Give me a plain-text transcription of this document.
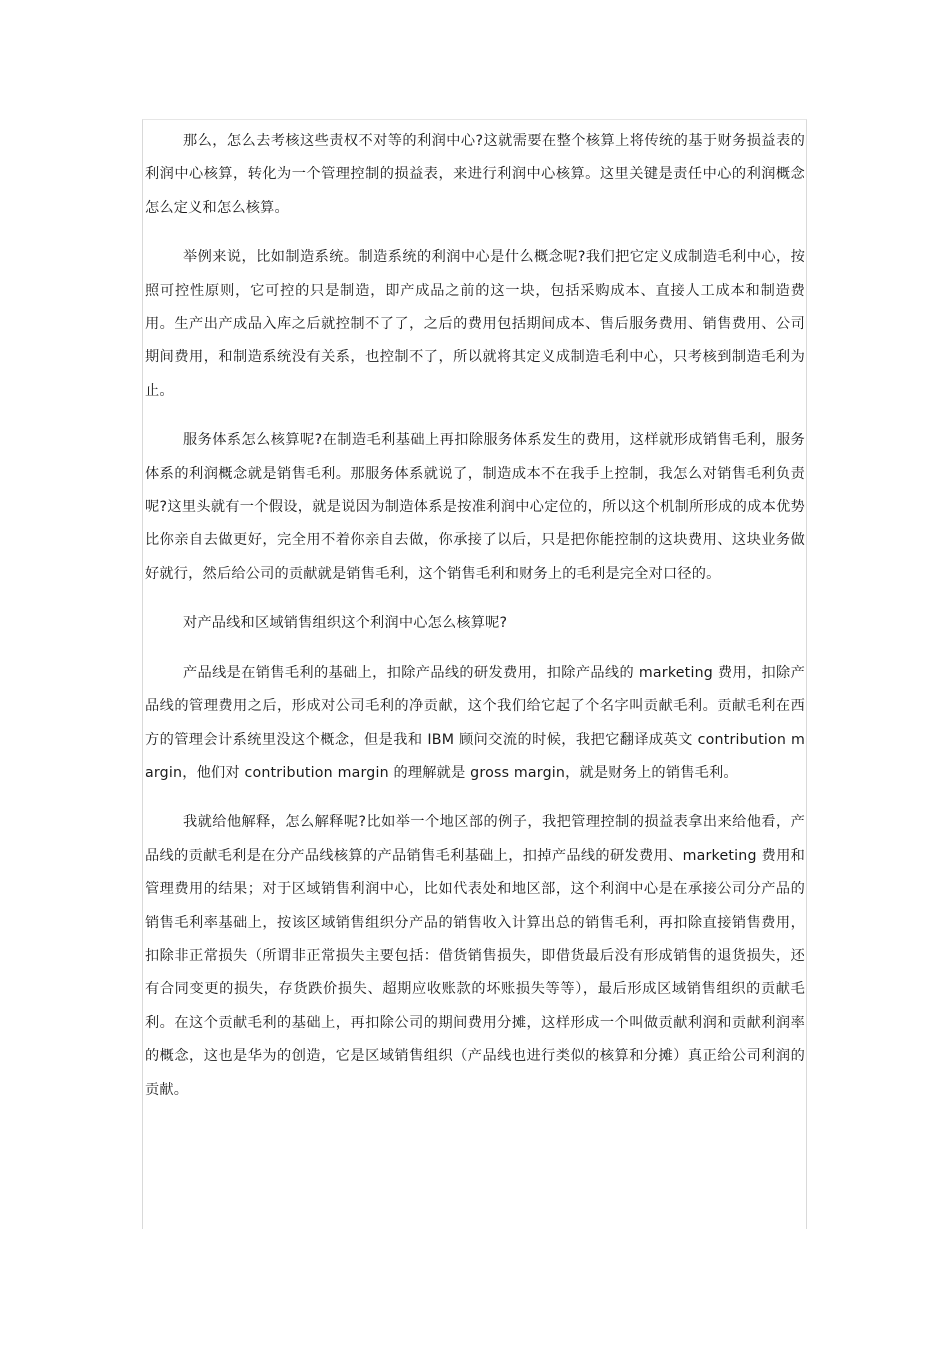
那么，怎么去考核这些责权不对等的利润中心?这就需要在整个核算上将传统的基于财务损益表的利润中心核算，转化为一个管理控制的损益表，来进行利润中心核算。这里关键是责任中心的利润概念怎么定义和怎么核算。

举例来说，比如制造系统。制造系统的利润中心是什么概念呢?我们把它定义成制造毛利中心，按照可控性原则，它可控的只是制造，即产成品之前的这一块，包括采购成本、直接人工成本和制造费用。生产出产成品入库之后就控制不了了，之后的费用包括期间成本、售后服务费用、销售费用、公司期间费用，和制造系统没有关系，也控制不了，所以就将其定义成制造毛利中心，只考核到制造毛利为止。

服务体系怎么核算呢?在制造毛利基础上再扣除服务体系发生的费用，这样就形成销售毛利，服务体系的利润概念就是销售毛利。那服务体系就说了，制造成本不在我手上控制，我怎么对销售毛利负责呢?这里头就有一个假设，就是说因为制造体系是按准利润中心定位的，所以这个机制所形成的成本优势比你亲自去做更好，完全用不着你亲自去做，你承接了以后，只是把你能控制的这块费用、这块业务做好就行，然后给公司的贡献就是销售毛利，这个销售毛利和财务上的毛利是完全对口径的。

对产品线和区域销售组织这个利润中心怎么核算呢?

产品线是在销售毛利的基础上，扣除产品线的研发费用，扣除产品线的 marketing 费用，扣除产品线的管理费用之后，形成对公司毛利的净贡献，这个我们给它起了个名字叫贡献毛利。贡献毛利在西方的管理会计系统里没这个概念，但是我和 IBM 顾问交流的时候，我把它翻译成英文 contribution margin，他们对 contribution margin 的理解就是 gross margin，就是财务上的销售毛利。

我就给他解释，怎么解释呢?比如举一个地区部的例子，我把管理控制的损益表拿出来给他看，产品线的贡献毛利是在分产品线核算的产品销售毛利基础上，扣掉产品线的研发费用、marketing 费用和管理费用的结果；对于区域销售利润中心，比如代表处和地区部，这个利润中心是在承接公司分产品的销售毛利率基础上，按该区域销售组织分产品的销售收入计算出总的销售毛利，再扣除直接销售费用，扣除非正常损失（所谓非正常损失主要包括：借货销售损失，即借货最后没有形成销售的退货损失，还有合同变更的损失，存货跌价损失、超期应收账款的坏账损失等等），最后形成区域销售组织的贡献毛利。在这个贡献毛利的基础上，再扣除公司的期间费用分摊，这样形成一个叫做贡献利润和贡献利润率的概念，这也是华为的创造，它是区域销售组织（产品线也进行类似的核算和分摊）真正给公司利润的贡献。
